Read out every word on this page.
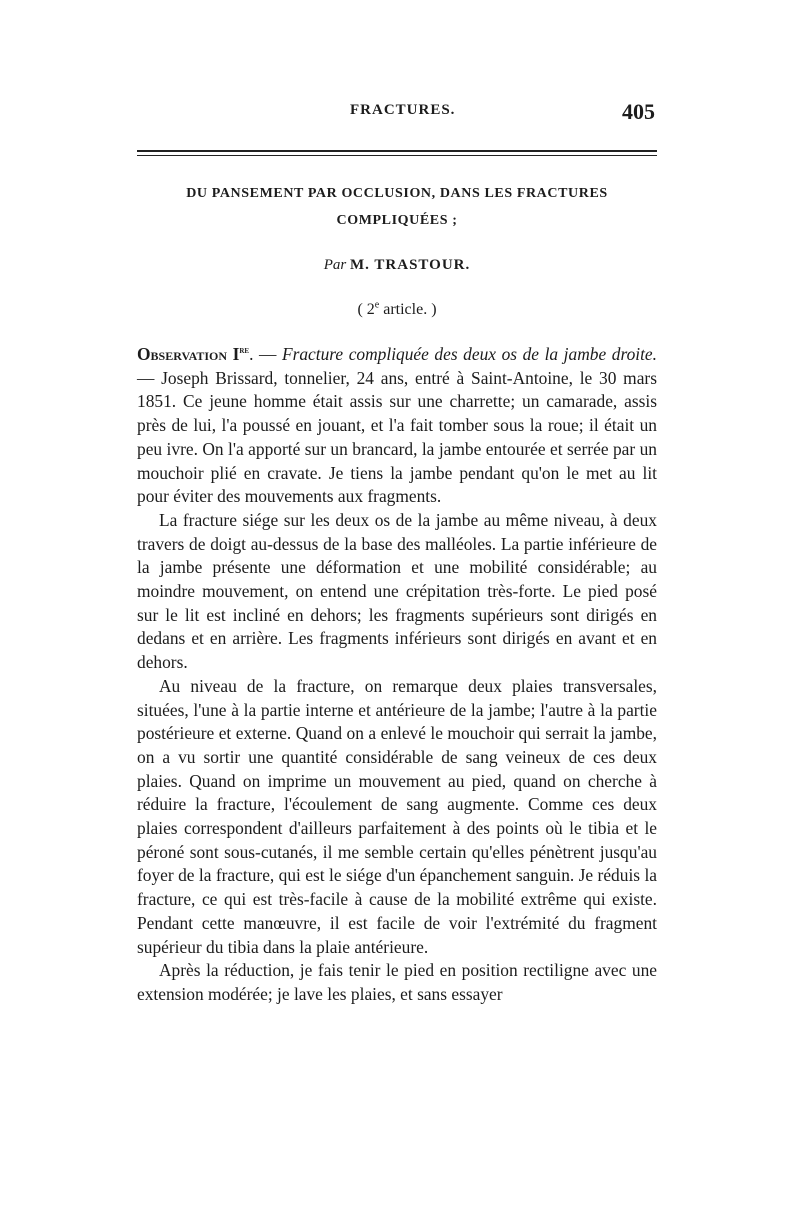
FRACTURES.	405
DU PANSEMENT PAR OCCLUSION, DANS LES FRACTURES
COMPLIQUÉES ;
Par M. TRASTOUR.
( 2e article. )

Observation Ire. — Fracture compliquée des deux os de la jambe droite. — Joseph Brissard, tonnelier, 24 ans, entré à Saint-Antoine, le 30 mars 1851. Ce jeune homme était assis sur une charrette; un camarade, assis près de lui, l'a poussé en jouant, et l'a fait tomber sous la roue; il était un peu ivre. On l'a apporté sur un brancard, la jambe entourée et serrée par un mouchoir plié en cravate. Je tiens la jambe pendant qu'on le met au lit pour éviter des mouvements aux fragments.

La fracture siége sur les deux os de la jambe au même niveau, à deux travers de doigt au-dessus de la base des malléoles. La partie inférieure de la jambe présente une déformation et une mobilité considérable; au moindre mouvement, on entend une crépitation très-forte. Le pied posé sur le lit est incliné en dehors; les fragments supérieurs sont dirigés en dedans et en arrière. Les fragments inférieurs sont dirigés en avant et en dehors.

Au niveau de la fracture, on remarque deux plaies transversales, situées, l'une à la partie interne et antérieure de la jambe; l'autre à la partie postérieure et externe. Quand on a enlevé le mouchoir qui serrait la jambe, on a vu sortir une quantité considérable de sang veineux de ces deux plaies. Quand on imprime un mouvement au pied, quand on cherche à réduire la fracture, l'écoulement de sang augmente. Comme ces deux plaies correspondent d'ailleurs parfaitement à des points où le tibia et le péroné sont sous-cutanés, il me semble certain qu'elles pénètrent jusqu'au foyer de la fracture, qui est le siége d'un épanchement sanguin. Je réduis la fracture, ce qui est très-facile à cause de la mobilité extrême qui existe. Pendant cette manœuvre, il est facile de voir l'extrémité du fragment supérieur du tibia dans la plaie antérieure.

Après la réduction, je fais tenir le pied en position rectiligne avec une extension modérée; je lave les plaies, et sans essayer
